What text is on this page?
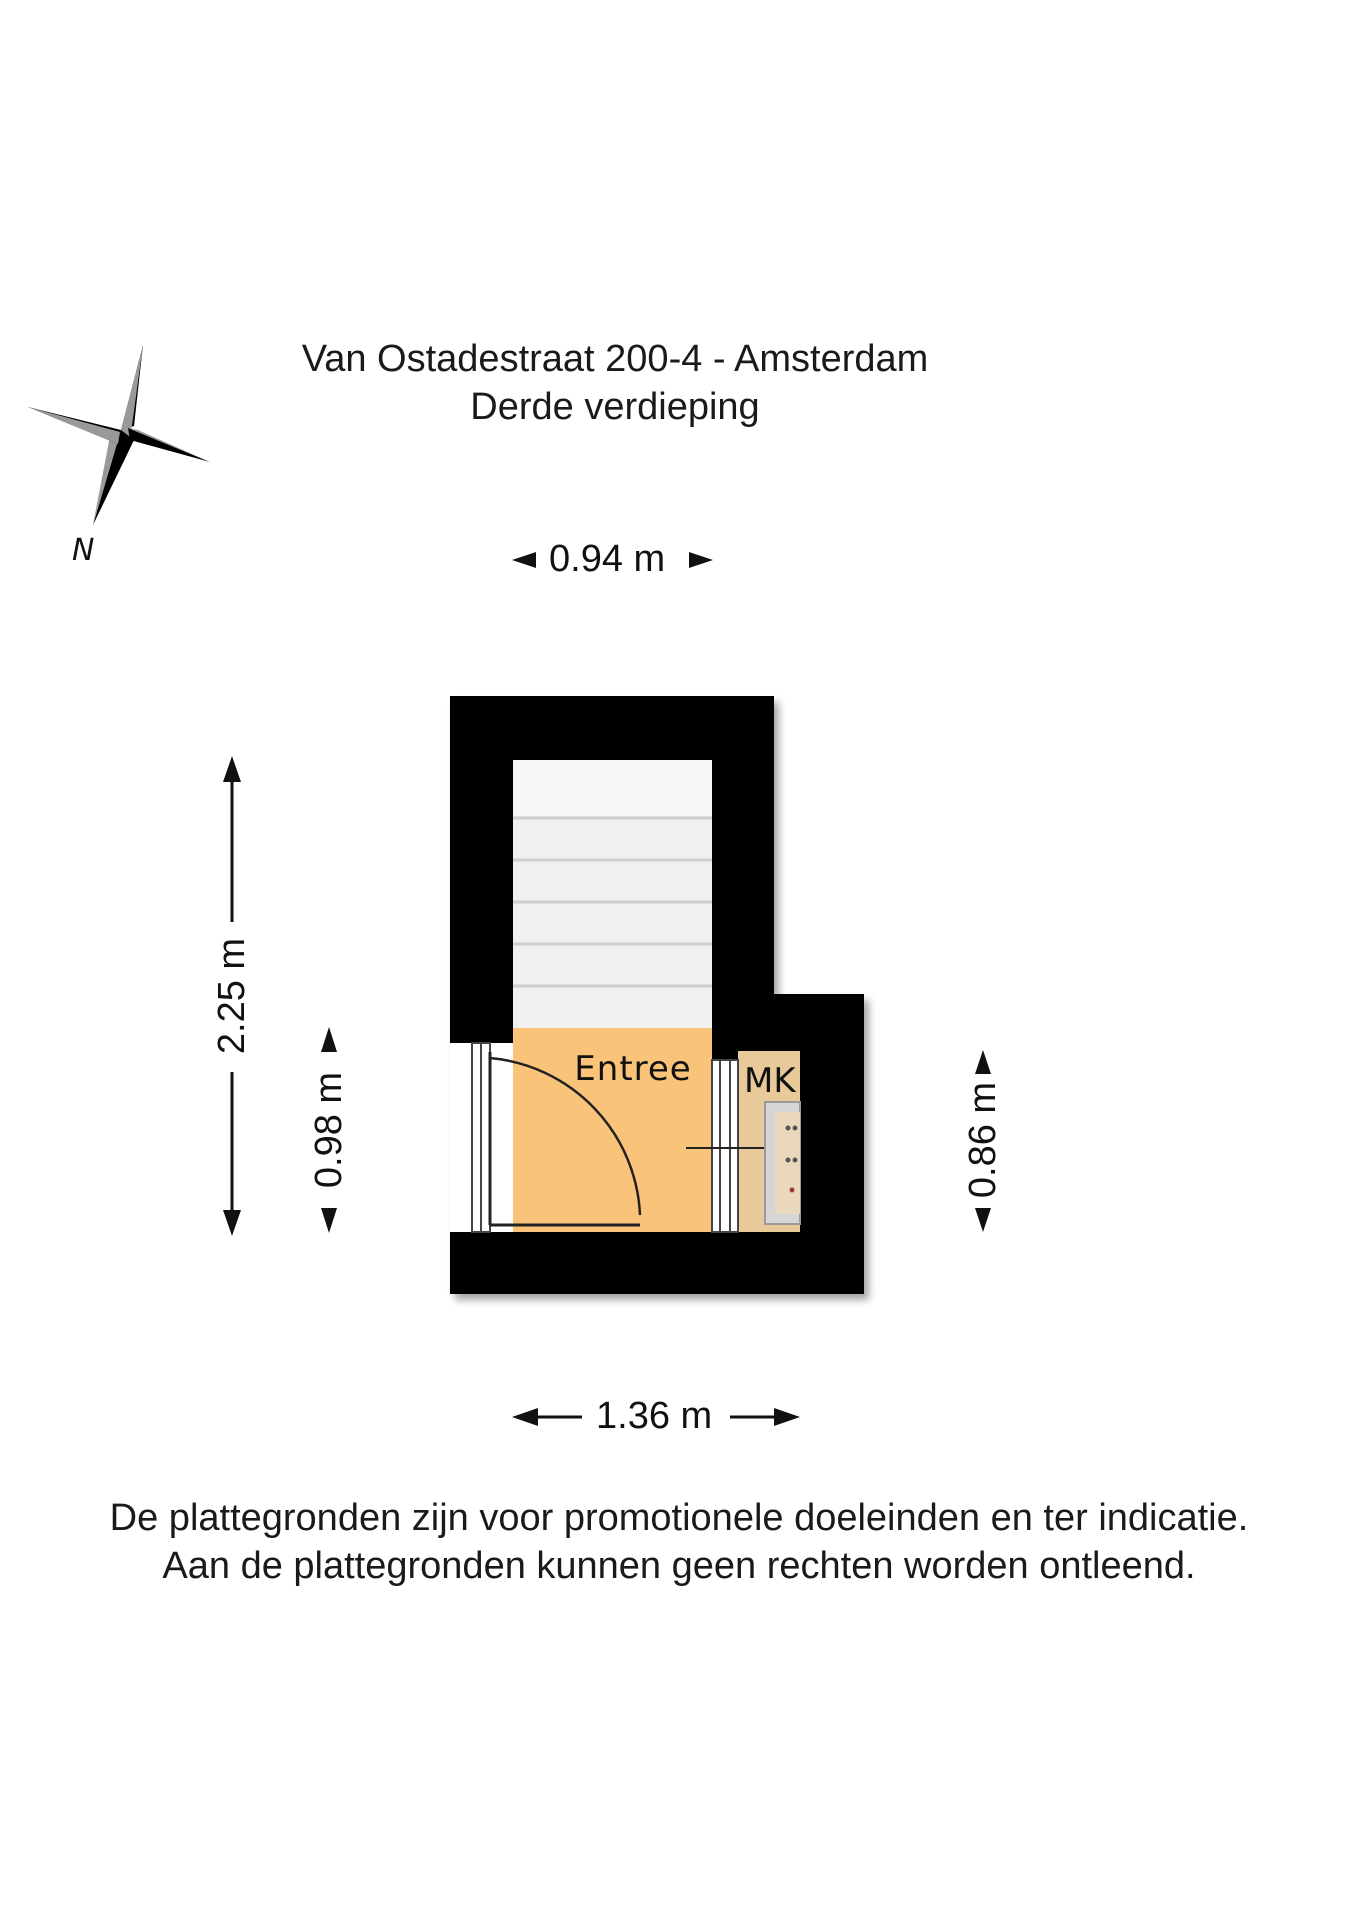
Van Ostadestraat 200-4 - Amsterdam
Derde verdieping
N
Entree MK
0.94 m
1.36 m
2.25 m
0.98 m	0.86 m
De plattegronden zijn voor promotionele doeleinden en ter indicatie.
Aan de plattegronden kunnen geen rechten worden ontleend.
